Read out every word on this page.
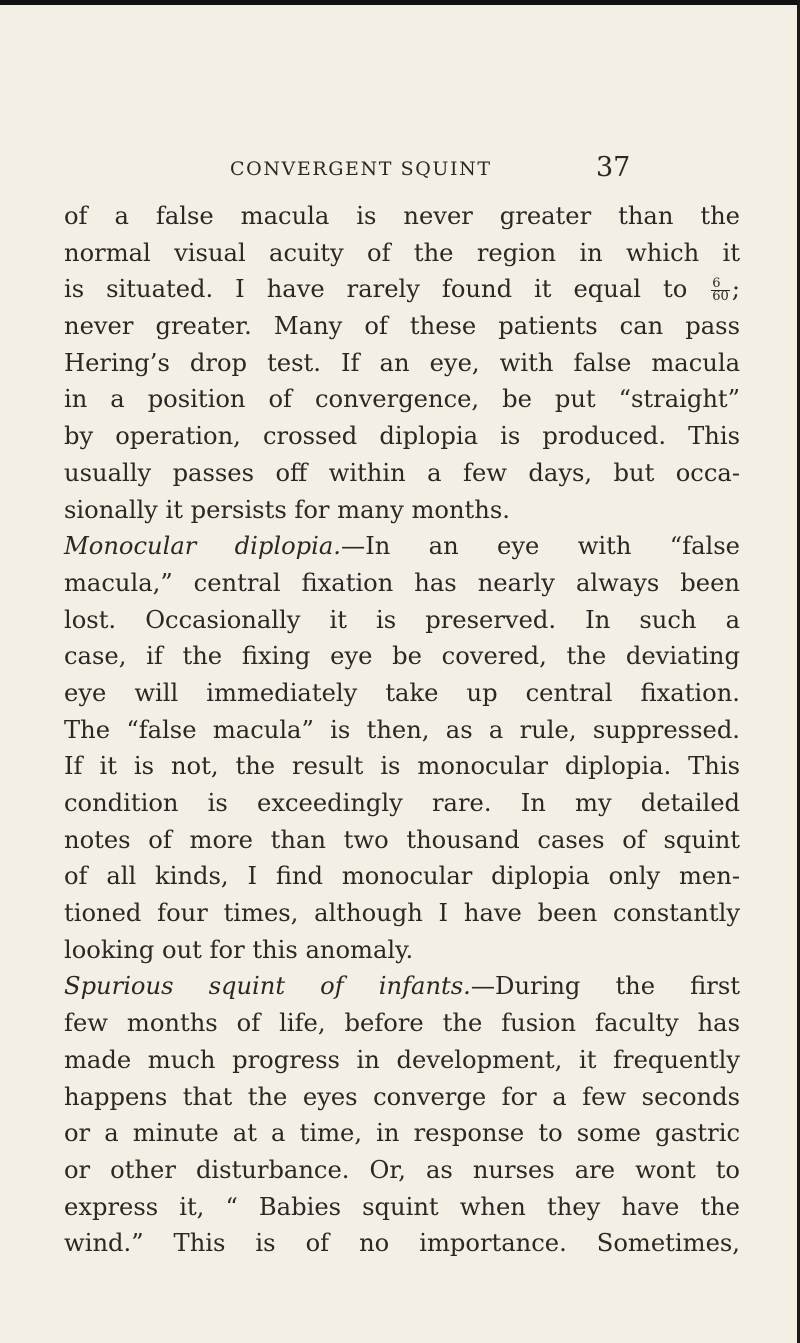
CONVERGENT SQUINT	37
of a false macula is never greater than the
normal visual acuity of the region in which it
is situated. I have rarely found it equal to $\frac{6}{60}$ ;
never greater. Many of these patients can pass
Hering’s drop test. If an eye, with false macula
in a position of convergence, be put “straight”
by operation, crossed diplopia is produced. This
usually passes off within a few days, but occa-
sionally it persists for many months.
Monocular diplopia.—In an eye with “false
macula,” central fixation has nearly always been
lost. Occasionally it is preserved. In such a
case, if the fixing eye be covered, the deviating
eye will immediately take up central fixation.
The “false macula” is then, as a rule, suppressed.
If it is not, the result is monocular diplopia. This
condition is exceedingly rare. In my detailed
notes of more than two thousand cases of squint
of all kinds, I find monocular diplopia only men-
tioned four times, although I have been constantly
looking out for this anomaly.
Spurious squint of infants.—During the first
few months of life, before the fusion faculty has
made much progress in development, it frequently
happens that the eyes converge for a few seconds
or a minute at a time, in response to some gastric
or other disturbance. Or, as nurses are wont to
express it, “ Babies squint when they have the
wind.” This is of no importance. Sometimes,
